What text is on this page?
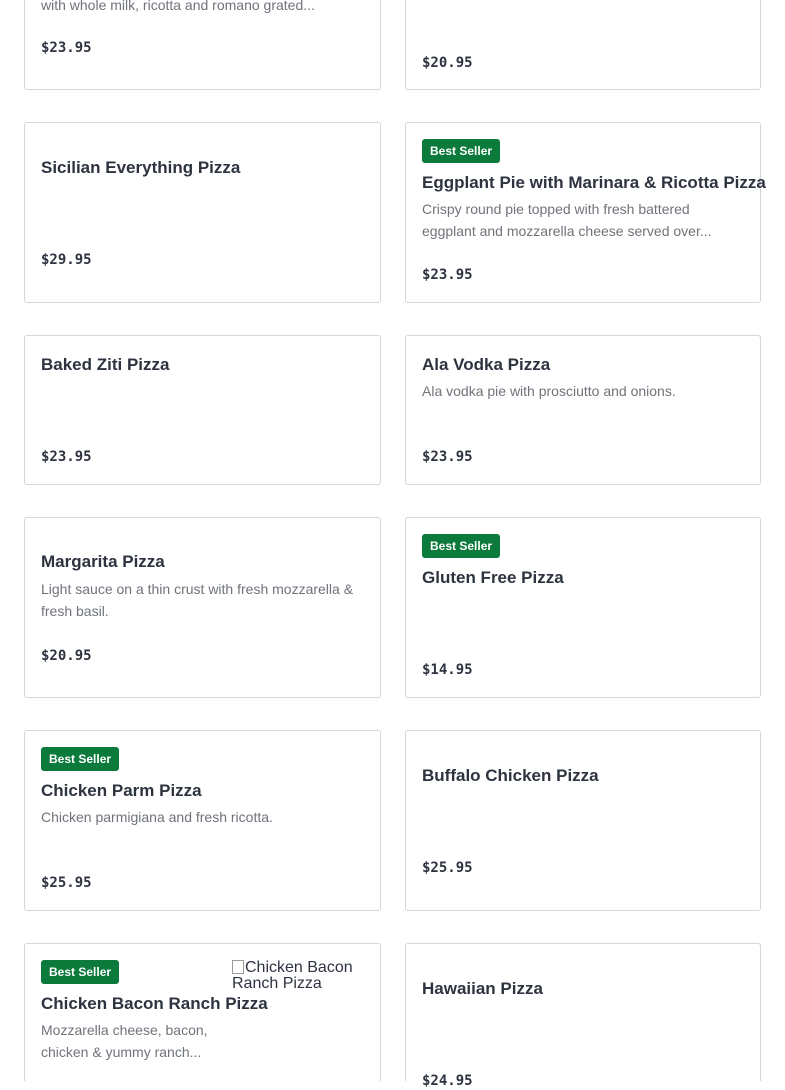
with whole milk, ricotta and romano grated...
$23.95
$20.95
Sicilian Everything Pizza
$29.95
Best Seller
Eggplant Pie with Marinara & Ricotta Pizza
Crispy round pie topped with fresh battered eggplant and mozzarella cheese served over...
$23.95
Baked Ziti Pizza
$23.95
Ala Vodka Pizza
Ala vodka pie with prosciutto and onions.
$23.95
Margarita Pizza
Light sauce on a thin crust with fresh mozzarella & fresh basil.
$20.95
Best Seller
Gluten Free Pizza
$14.95
Best Seller
Chicken Parm Pizza
Chicken parmigiana and fresh ricotta.
$25.95
Buffalo Chicken Pizza
$25.95
Best Seller
Chicken Bacon Ranch Pizza
Mozzarella cheese, bacon, chicken & yummy ranch...
Chicken Bacon Ranch Pizza	Hawaiian Pizza
$24.95
